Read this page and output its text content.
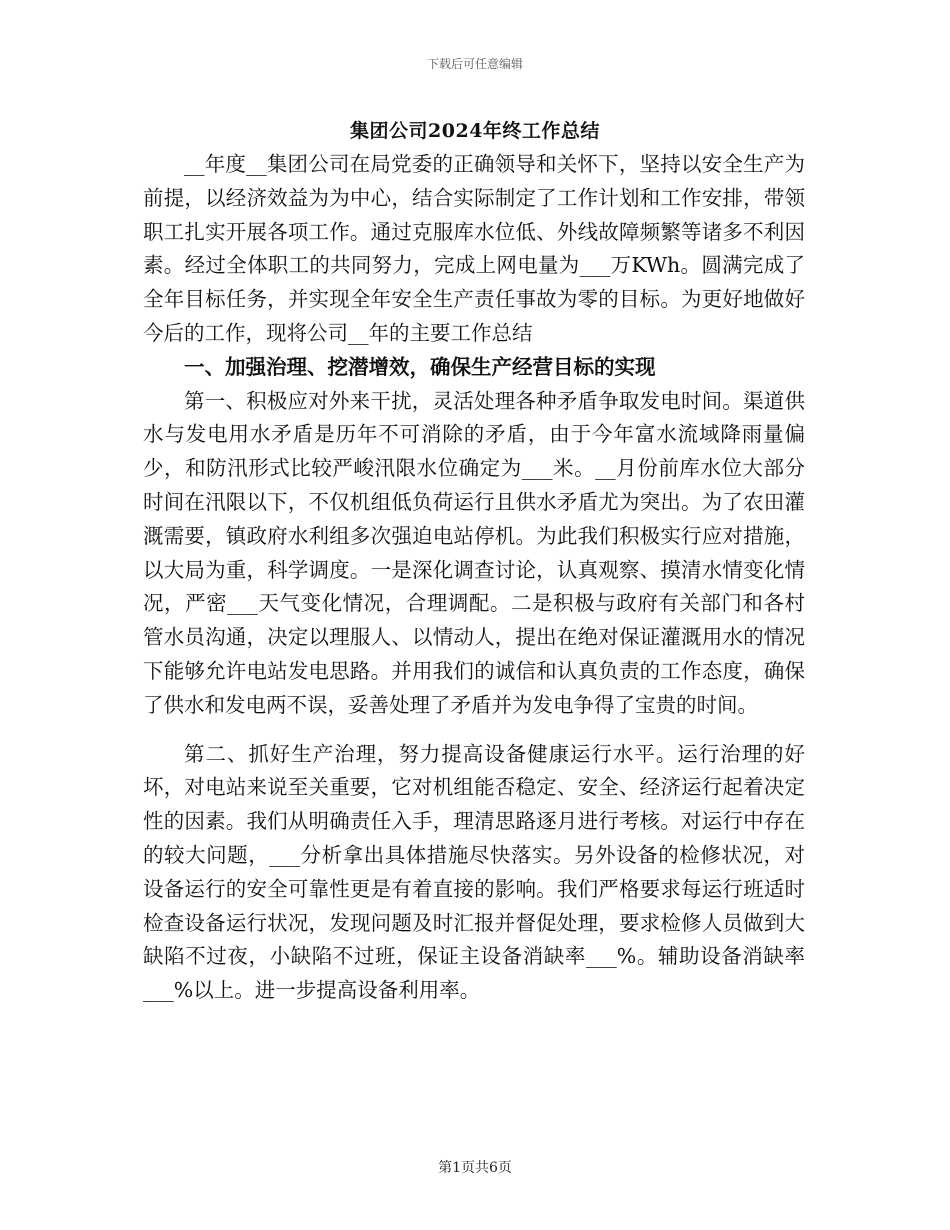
下载后可任意编辑
集团公司2024年终工作总结

__年度__集团公司在局党委的正确领导和关怀下，坚持以安全生产为前提，以经济效益为为中心，结合实际制定了工作计划和工作安排，带领职工扎实开展各项工作。通过克服库水位低、外线故障频繁等诸多不利因素。经过全体职工的共同努力，完成上网电量为___万KWh。圆满完成了全年目标任务，并实现全年安全生产责任事故为零的目标。为更好地做好今后的工作，现将公司__年的主要工作总结

一、加强治理、挖潜增效，确保生产经营目标的实现

第一、积极应对外来干扰，灵活处理各种矛盾争取发电时间。渠道供水与发电用水矛盾是历年不可消除的矛盾，由于今年富水流域降雨量偏少，和防汛形式比较严峻汛限水位确定为___米。__月份前库水位大部分时间在汛限以下，不仅机组低负荷运行且供水矛盾尤为突出。为了农田灌溉需要，镇政府水利组多次强迫电站停机。为此我们积极实行应对措施，以大局为重，科学调度。一是深化调查讨论，认真观察、摸清水情变化情况，严密___天气变化情况，合理调配。二是积极与政府有关部门和各村管水员沟通，决定以理服人、以情动人，提出在绝对保证灌溉用水的情况下能够允许电站发电思路。并用我们的诚信和认真负责的工作态度，确保了供水和发电两不误，妥善处理了矛盾并为发电争得了宝贵的时间。

第二、抓好生产治理，努力提高设备健康运行水平。运行治理的好坏，对电站来说至关重要，它对机组能否稳定、安全、经济运行起着决定性的因素。我们从明确责任入手，理清思路逐月进行考核。对运行中存在的较大问题，___分析拿出具体措施尽快落实。另外设备的检修状况，对设备运行的安全可靠性更是有着直接的影响。我们严格要求每运行班适时检查设备运行状况，发现问题及时汇报并督促处理，要求检修人员做到大缺陷不过夜，小缺陷不过班，保证主设备消缺率___%。辅助设备消缺率___%以上。进一步提高设备利用率。

第1页共6页
